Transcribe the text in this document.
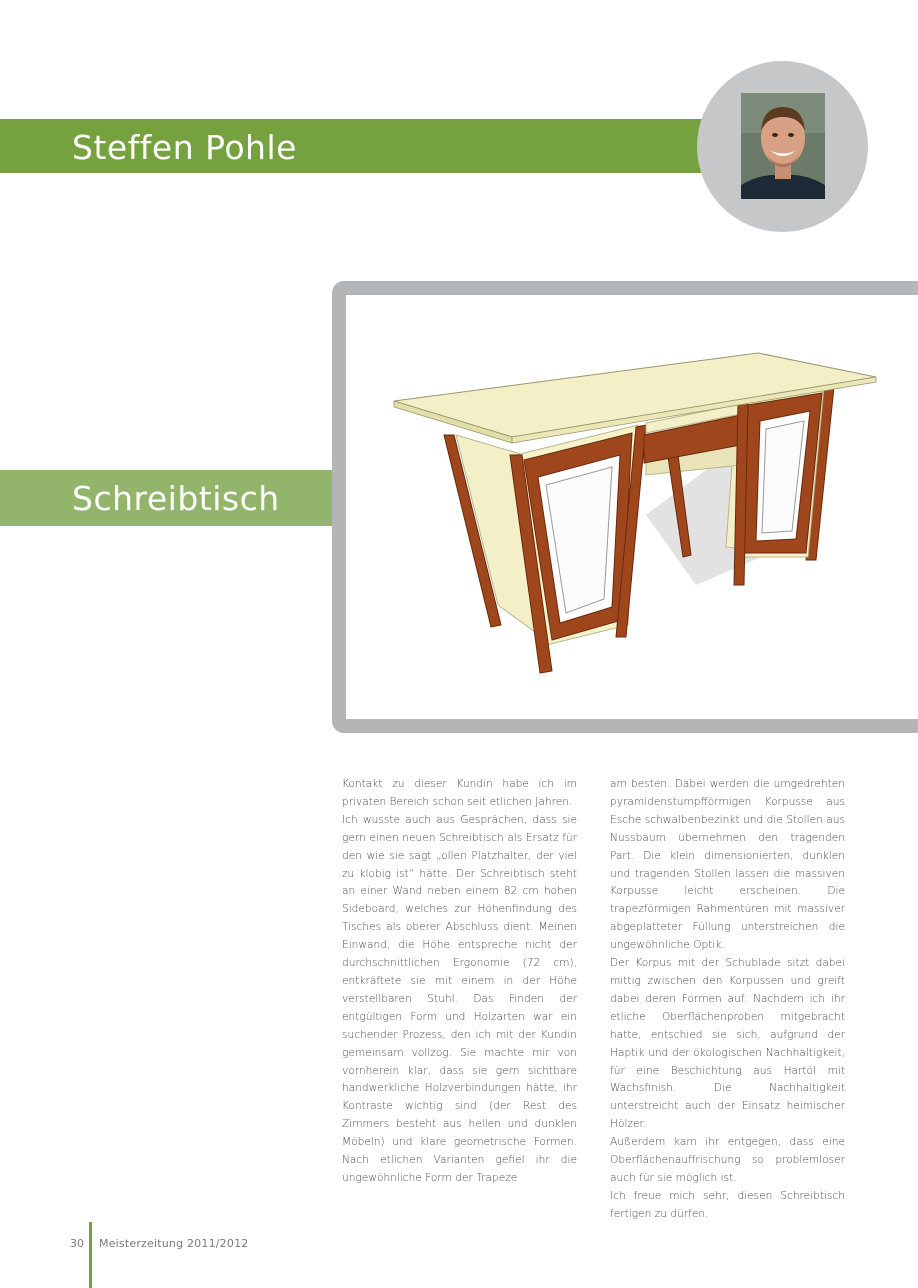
Steffen Pohle
Schreibtisch

Kontakt zu dieser Kundin habe ich im privaten Bereich schon seit etlichen Jahren.

Ich wusste auch aus Gesprächen, dass sie gern einen neuen Schreibtisch als Ersatz für den wie sie sagt „ollen Platzhalter, der viel zu klobig ist“ hätte. Der Schreibtisch steht an einer Wand neben einem 82 cm hohen Sideboard, welches zur Höhenfindung des Tisches als oberer Abschluss dient. Meinen Einwand, die Höhe entspreche nicht der durchschnittlichen Ergonomie (72 cm), entkräftete sie mit einem in der Höhe verstellbaren Stuhl. Das Finden der entgültigen Form und Holzarten war ein suchender Prozess, den ich mit der Kundin gemeinsam vollzog. Sie machte mir von vornherein klar, dass sie gern sichtbare handwerkliche Holzverbindungen hätte, ihr Kontraste wichtig sind (der Rest des Zimmers besteht aus hellen und dunklen Möbeln) und klare geometrische Formen. Nach etlichen Varianten gefiel ihr die ungewöhnliche Form der Trapeze

am besten. Dabei werden die umgedrehten pyramidenstumpfförmigen Korpusse aus Esche schwalbenbezinkt und die Stollen aus Nussbaum übernehmen den tragenden Part. Die klein dimensionierten, dunklen und tragenden Stollen lassen die massiven Korpusse leicht erscheinen. Die trapezförmigen Rahmentüren mit massiver abgeplatteter Füllung unterstreichen die ungewöhnliche Optik.

Der Korpus mit der Schublade sitzt dabei mittig zwischen den Korpussen und greift dabei deren Formen auf. Nachdem ich ihr etliche Oberflächenproben mitgebracht hatte, entschied sie sich, aufgrund der Haptik und der ökologischen Nachhaltigkeit, für eine Beschichtung aus Hartöl mit Wachsfinish. Die Nachhaltigkeit unterstreicht auch der Einsatz heimischer Hölzer.

Außerdem kam ihr entgegen, dass eine Oberflächenauffrischung so problemloser auch für sie möglich ist.

Ich freue mich sehr, diesen Schreibtisch fertigen zu dürfen.

30 Meisterzeitung 2011/2012
